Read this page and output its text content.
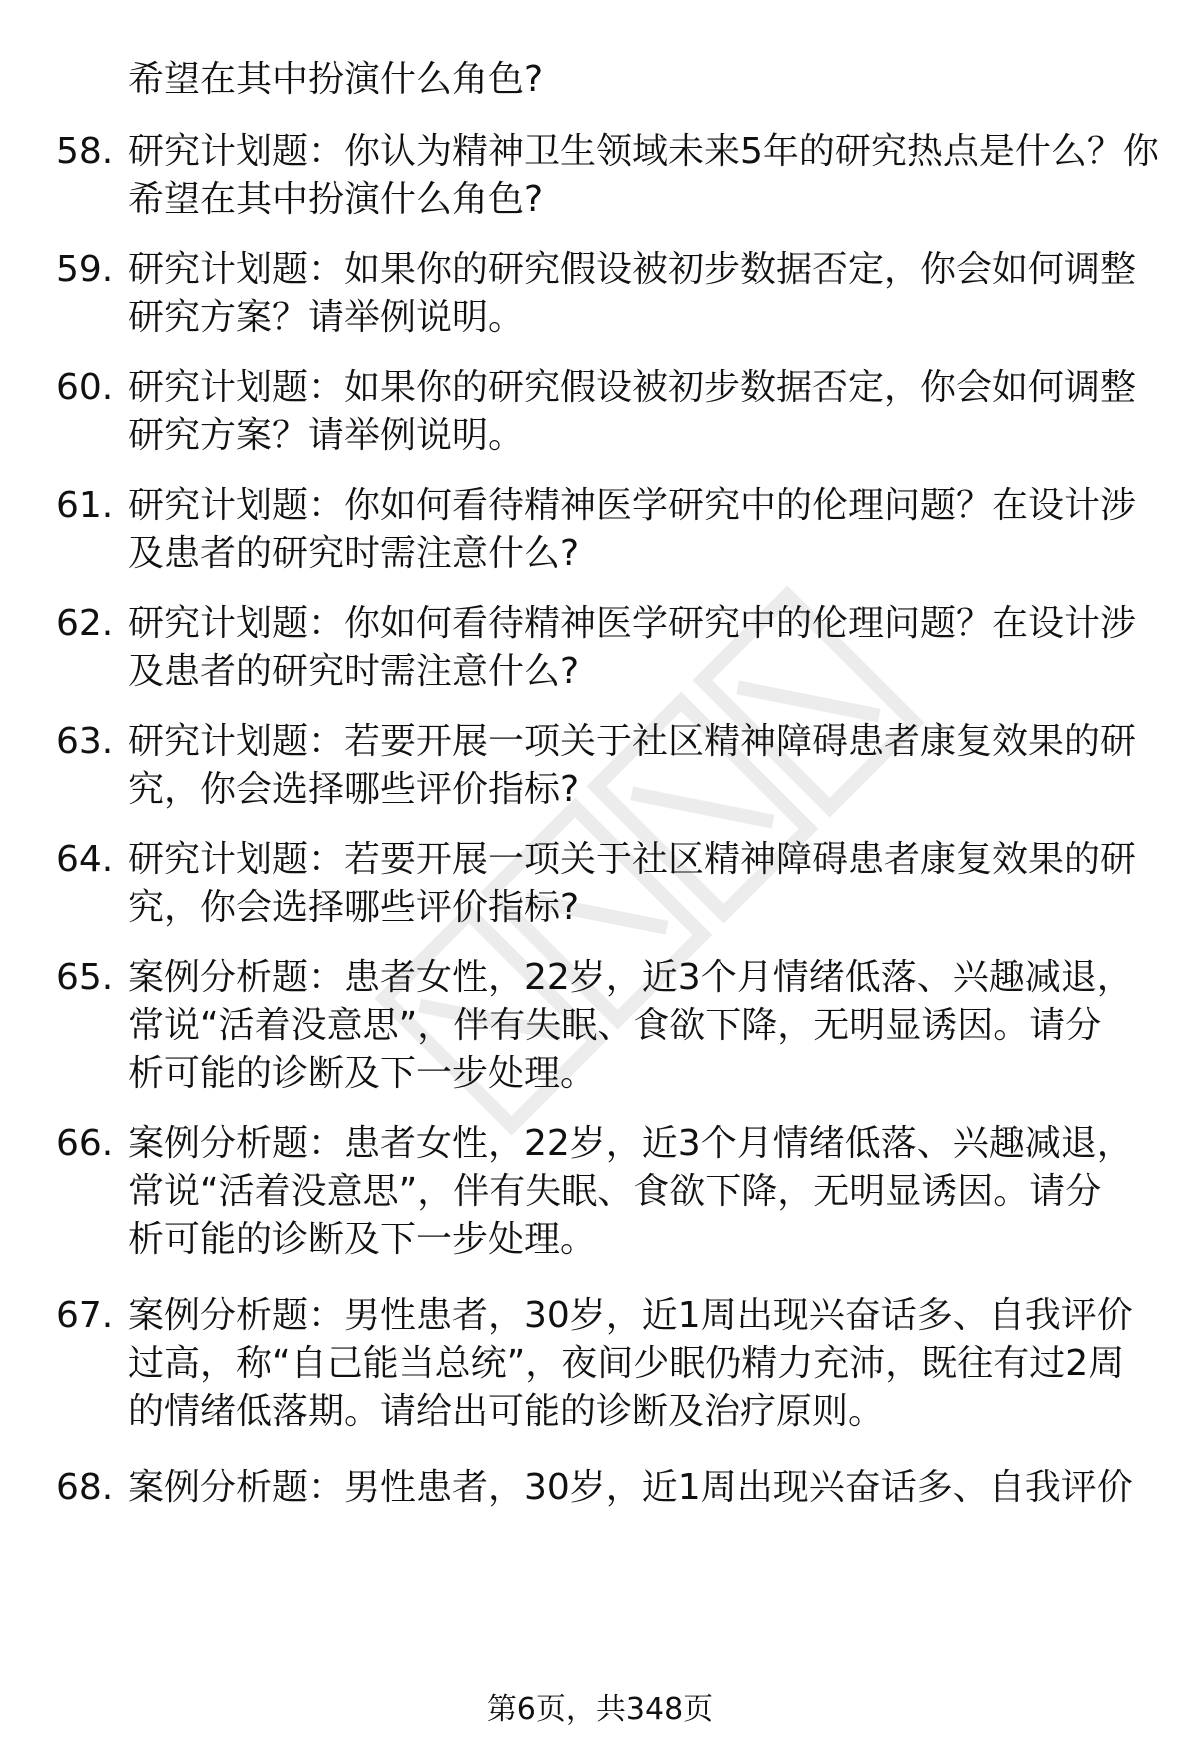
希望在其中扮演什么角色?
58. 研究计划题：你认为精神卫生领域未来5年的研究热点是什么？你
希望在其中扮演什么角色?
59. 研究计划题：如果你的研究假设被初步数据否定，你会如何调整
研究方案？请举例说明。
60. 研究计划题：如果你的研究假设被初步数据否定，你会如何调整
研究方案？请举例说明。
61. 研究计划题：你如何看待精神医学研究中的伦理问题？在设计涉
及患者的研究时需注意什么?
62. 研究计划题：你如何看待精神医学研究中的伦理问题？在设计涉
及患者的研究时需注意什么?
63. 研究计划题：若要开展一项关于社区精神障碍患者康复效果的研
究，你会选择哪些评价指标?
64. 研究计划题：若要开展一项关于社区精神障碍患者康复效果的研
究，你会选择哪些评价指标?
65. 案例分析题：患者女性，22岁，近3个月情绪低落、兴趣减退，
常说“活着没意思”，伴有失眠、食欲下降，无明显诱因。请分
析可能的诊断及下一步处理。
66. 案例分析题：患者女性，22岁，近3个月情绪低落、兴趣减退，
常说“活着没意思”，伴有失眠、食欲下降，无明显诱因。请分
析可能的诊断及下一步处理。
67. 案例分析题：男性患者，30岁，近1周出现兴奋话多、自我评价
过高，称“自己能当总统”，夜间少眠仍精力充沛，既往有过2周
的情绪低落期。请给出可能的诊断及治疗原则。
68. 案例分析题：男性患者，30岁，近1周出现兴奋话多、自我评价
第6页，共348页
